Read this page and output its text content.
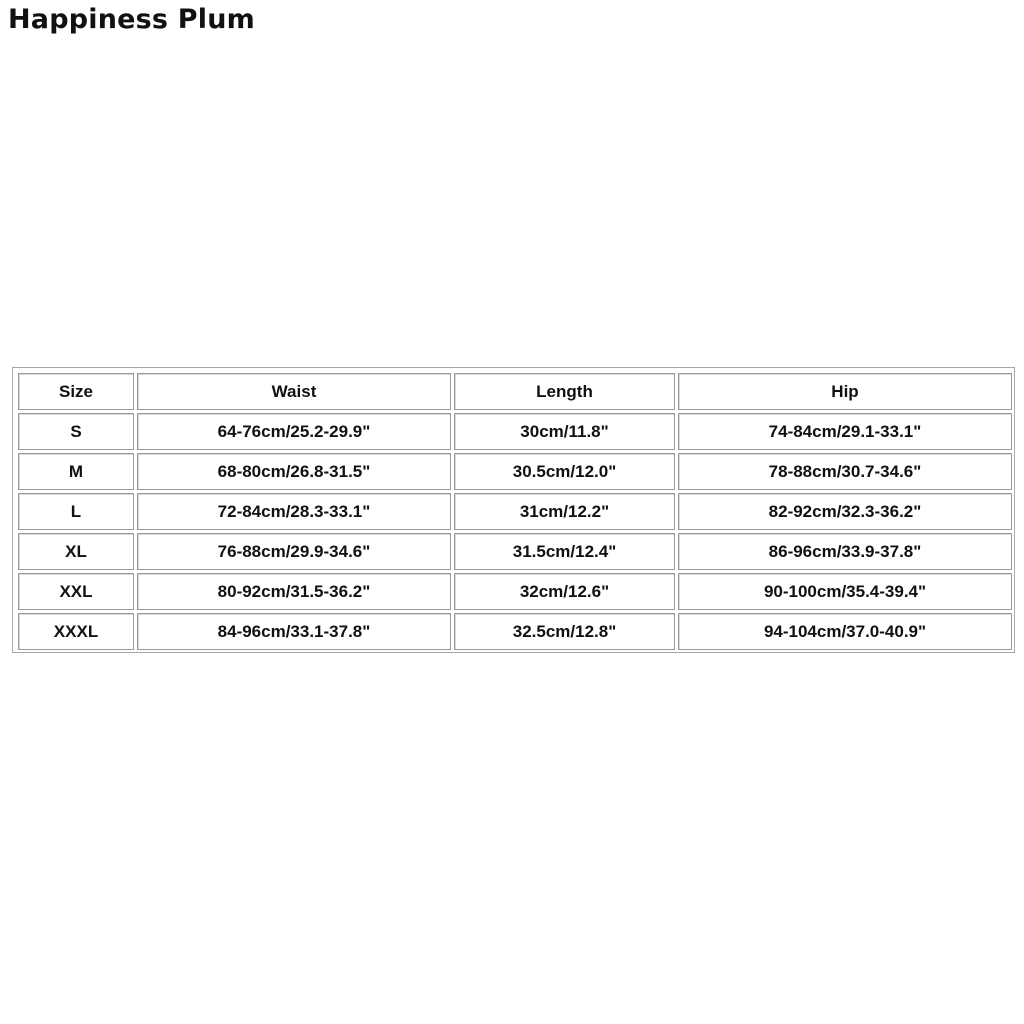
Happiness Plum
Size	Waist	Length	Hip
S	64-76cm/25.2-29.9"	30cm/11.8"	74-84cm/29.1-33.1"
M	68-80cm/26.8-31.5"	30.5cm/12.0"	78-88cm/30.7-34.6"
L	72-84cm/28.3-33.1"	31cm/12.2"	82-92cm/32.3-36.2"
XL	76-88cm/29.9-34.6"	31.5cm/12.4"	86-96cm/33.9-37.8"
XXL	80-92cm/31.5-36.2"	32cm/12.6"	90-100cm/35.4-39.4"
XXXL	84-96cm/33.1-37.8"	32.5cm/12.8"	94-104cm/37.0-40.9"
